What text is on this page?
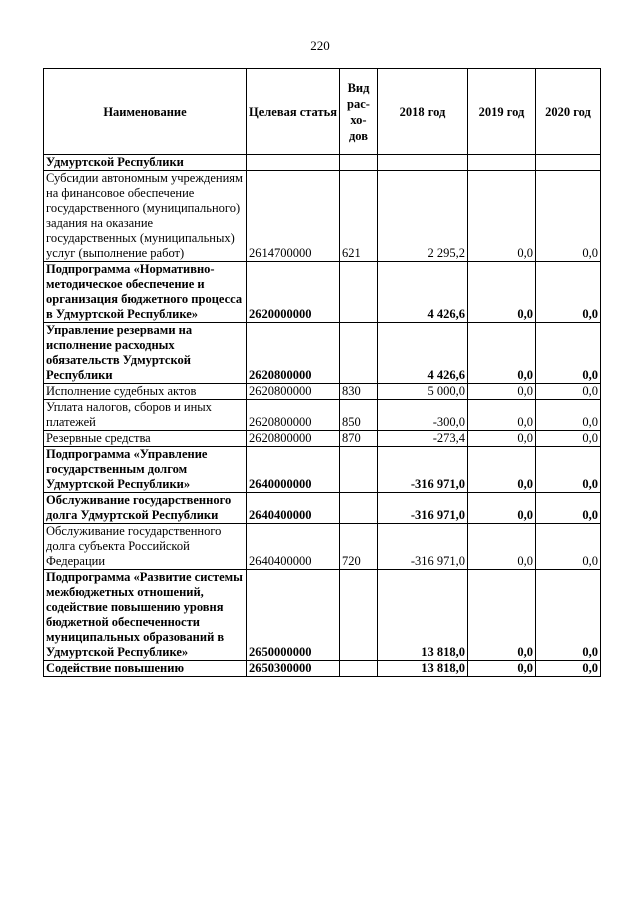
220
Наименование	Целевая статья	Вид рас-хо-дов	2018 год	2019 год	2020 год
Удмуртской Республики					
Субсидии автономным учреждениям на финансовое обеспечение государственного (муниципального) задания на оказание государственных (муниципальных) услуг (выполнение работ)	2614700000	621	2 295,2	0,0	0,0
Подпрограмма «Нормативно-методическое обеспечение и организация бюджетного процесса в Удмуртской Республике»	2620000000		4 426,6	0,0	0,0
Управление резервами на исполнение расходных обязательств Удмуртской Республики	2620800000		4 426,6	0,0	0,0
Исполнение судебных актов	2620800000	830	5 000,0	0,0	0,0
Уплата налогов, сборов и иных платежей	2620800000	850	-300,0	0,0	0,0
Резервные средства	2620800000	870	-273,4	0,0	0,0
Подпрограмма «Управление государственным долгом Удмуртской Республики»	2640000000		-316 971,0	0,0	0,0
Обслуживание государственного долга Удмуртской Республики	2640400000		-316 971,0	0,0	0,0
Обслуживание государственного долга субъекта Российской Федерации	2640400000	720	-316 971,0	0,0	0,0
Подпрограмма «Развитие системы межбюджетных отношений, содействие повышению уровня бюджетной обеспеченности муниципальных образований в Удмуртской Республике»	2650000000		13 818,0	0,0	0,0
Содействие повышению	2650300000		13 818,0	0,0	0,0
